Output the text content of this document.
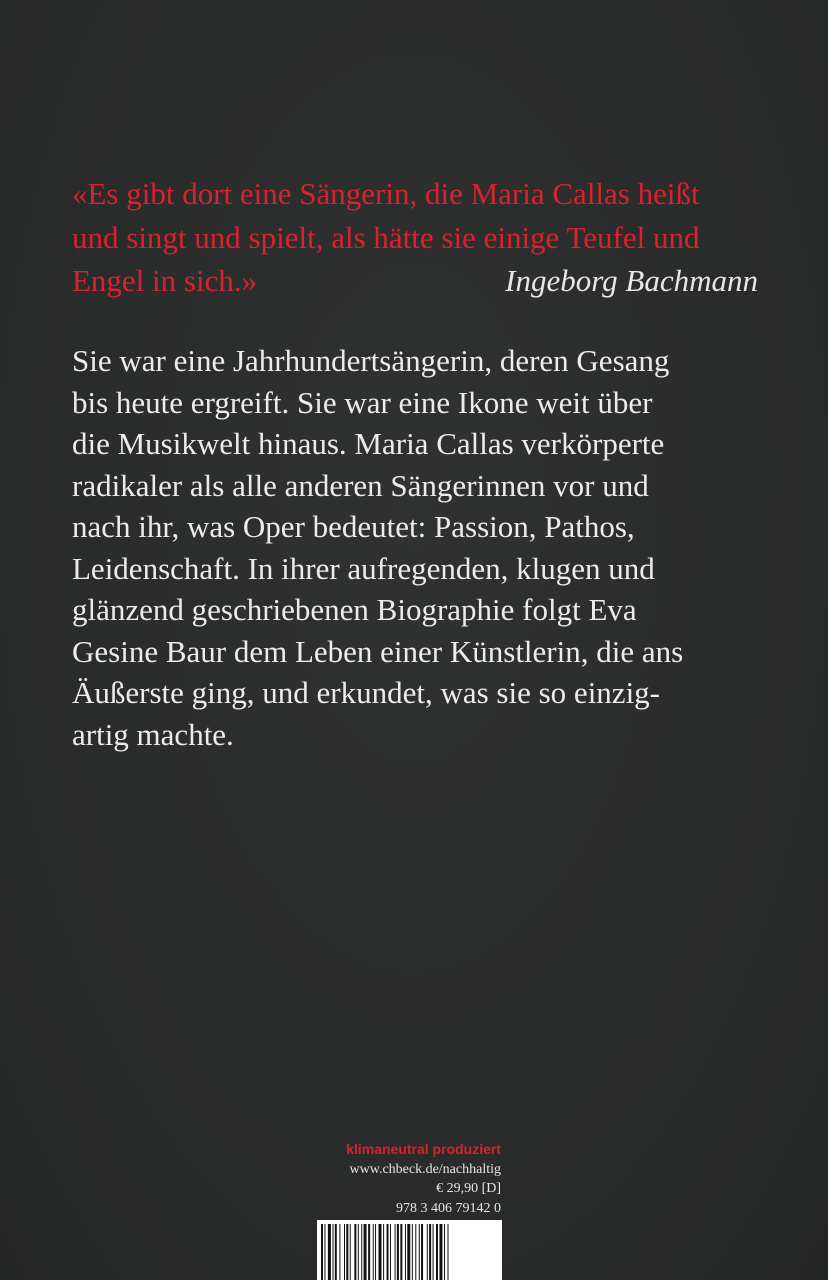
«Es gibt dort eine Sängerin, die Maria Callas heißt
und singt und spielt, als hätte sie einige Teufel und
Engel in sich.»	Ingeborg Bachmann
Sie war eine Jahrhundertsängerin, deren Gesang
bis heute ergreift. Sie war eine Ikone weit über
die Musikwelt hinaus. Maria Callas verkörperte
radikaler als alle anderen Sängerinnen vor und
nach ihr, was Oper bedeutet: Passion, Pathos,
Leidenschaft. In ihrer aufregenden, klugen und
glänzend geschriebenen Biographie folgt Eva
Gesine Baur dem Leben einer Künstlerin, die ans
Äußerste ging, und erkundet, was sie so einzig-
artig machte.
klimaneutral produziert
www.chbeck.de/nachhaltig
€ 29,90 [D]
978 3 406 79142 0
